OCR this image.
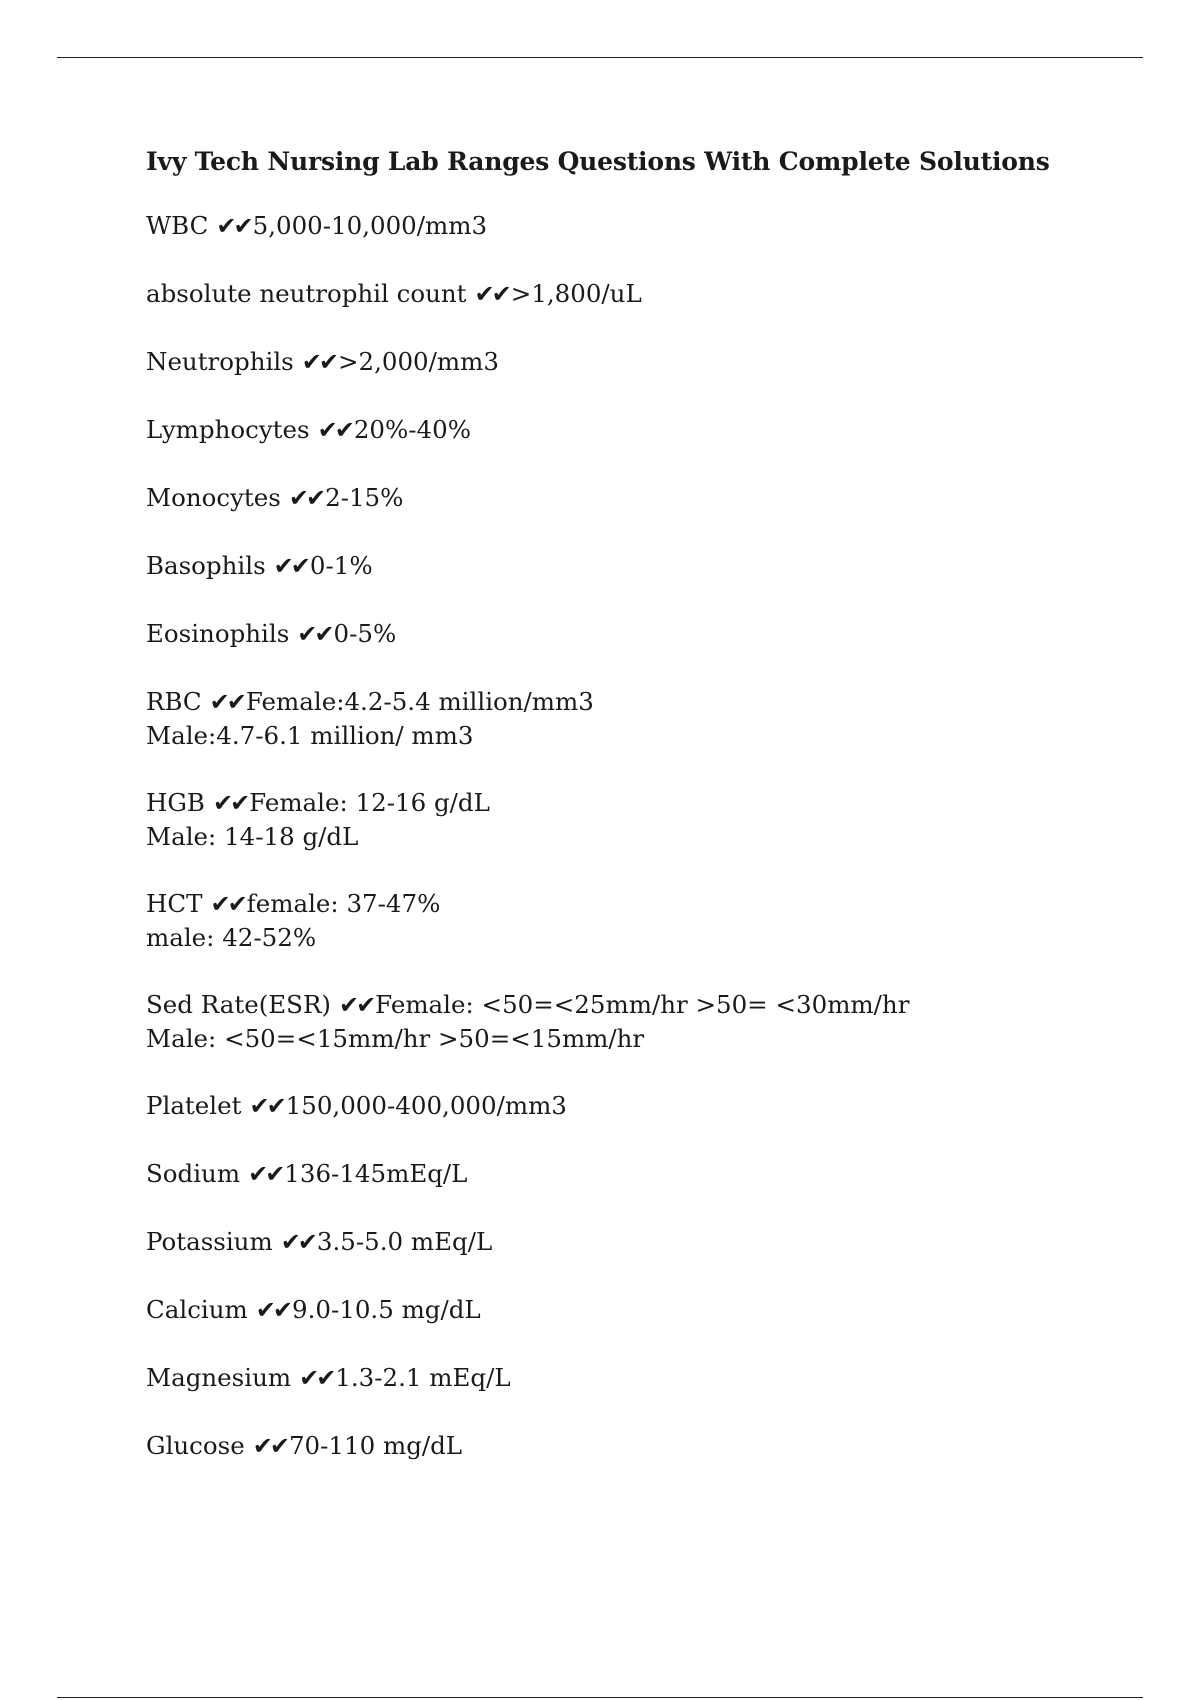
Ivy Tech Nursing Lab Ranges Questions With Complete Solutions
WBC ✔✔5,000-10,000/mm3
absolute neutrophil count ✔✔>1,800/uL
Neutrophils ✔✔>2,000/mm3
Lymphocytes ✔✔20%-40%
Monocytes ✔✔2-15%
Basophils ✔✔0-1%
Eosinophils ✔✔0-5%
RBC ✔✔Female:4.2-5.4 million/mm3
Male:4.7-6.1 million/ mm3
HGB ✔✔Female: 12-16 g/dL
Male: 14-18 g/dL
HCT ✔✔female: 37-47%
male: 42-52%
Sed Rate(ESR) ✔✔Female: <50=<25mm/hr >50= <30mm/hr
Male: <50=<15mm/hr >50=<15mm/hr
Platelet ✔✔150,000-400,000/mm3
Sodium ✔✔136-145mEq/L
Potassium ✔✔3.5-5.0 mEq/L
Calcium ✔✔9.0-10.5 mg/dL
Magnesium ✔✔1.3-2.1 mEq/L
Glucose ✔✔70-110 mg/dL
